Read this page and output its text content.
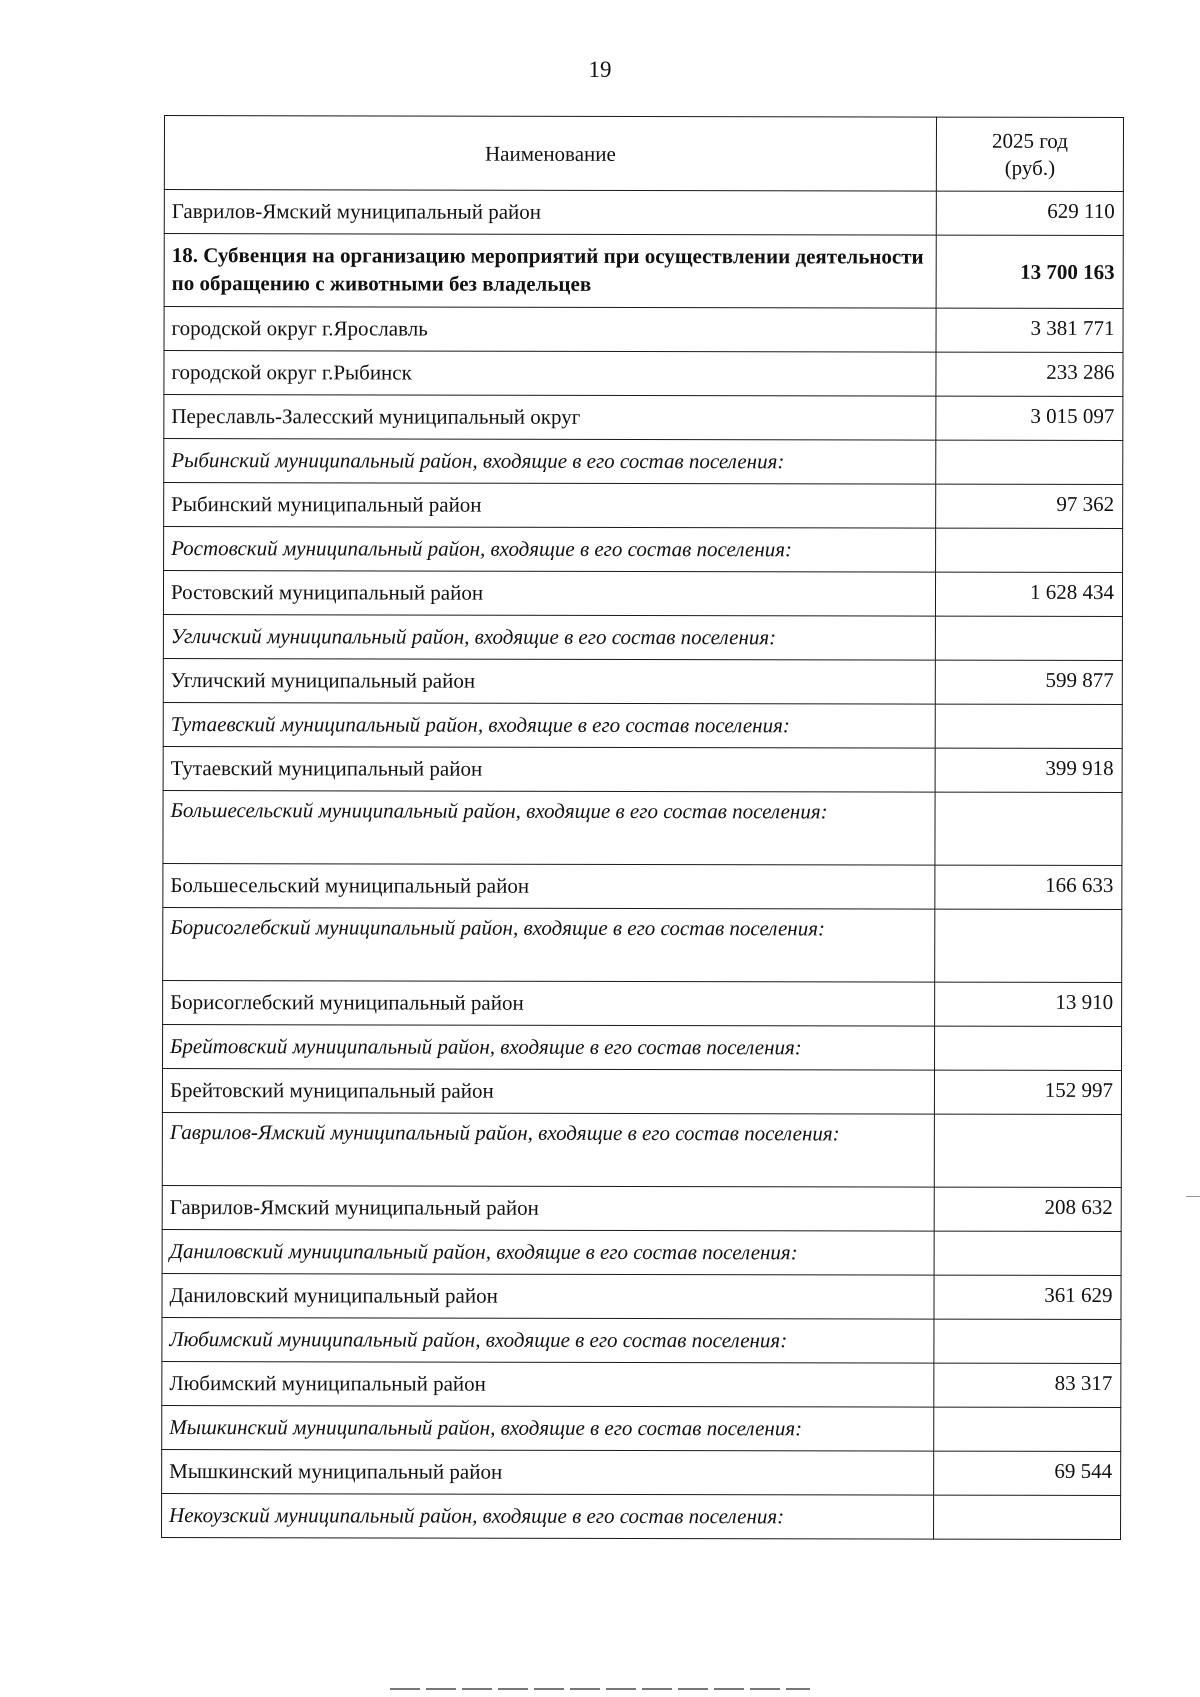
19
Наименование	2025 год
(руб.)
Гаврилов-Ямский муниципальный район	629 110
18. Субвенция на организацию мероприятий при осуществлении деятельности по обращению с животными без владельцев	13 700 163
городской округ г.Ярославль	3 381 771
городской округ г.Рыбинск	233 286
Переславль-Залесский муниципальный округ	3 015 097
Рыбинский муниципальный район, входящие в его состав поселения:	
Рыбинский муниципальный район	97 362
Ростовский муниципальный район, входящие в его состав поселения:	
Ростовский муниципальный район	1 628 434
Угличский муниципальный район, входящие в его состав поселения:	
Угличский муниципальный район	599 877
Тутаевский муниципальный район, входящие в его состав поселения:	
Тутаевский муниципальный район	399 918
Большесельский муниципальный район, входящие в его состав поселения:	
Большесельский муниципальный район	166 633
Борисоглебский муниципальный район, входящие в его состав поселения:	
Борисоглебский муниципальный район	13 910
Брейтовский муниципальный район, входящие в его состав поселения:	
Брейтовский муниципальный район	152 997
Гаврилов-Ямский муниципальный район, входящие в его состав поселения:	
Гаврилов-Ямский муниципальный район	208 632
Даниловский муниципальный район, входящие в его состав поселения:	
Даниловский муниципальный район	361 629
Любимский муниципальный район, входящие в его состав поселения:	
Любимский муниципальный район	83 317
Мышкинский муниципальный район, входящие в его состав поселения:	
Мышкинский муниципальный район	69 544
Некоузский муниципальный район, входящие в его состав поселения:	
